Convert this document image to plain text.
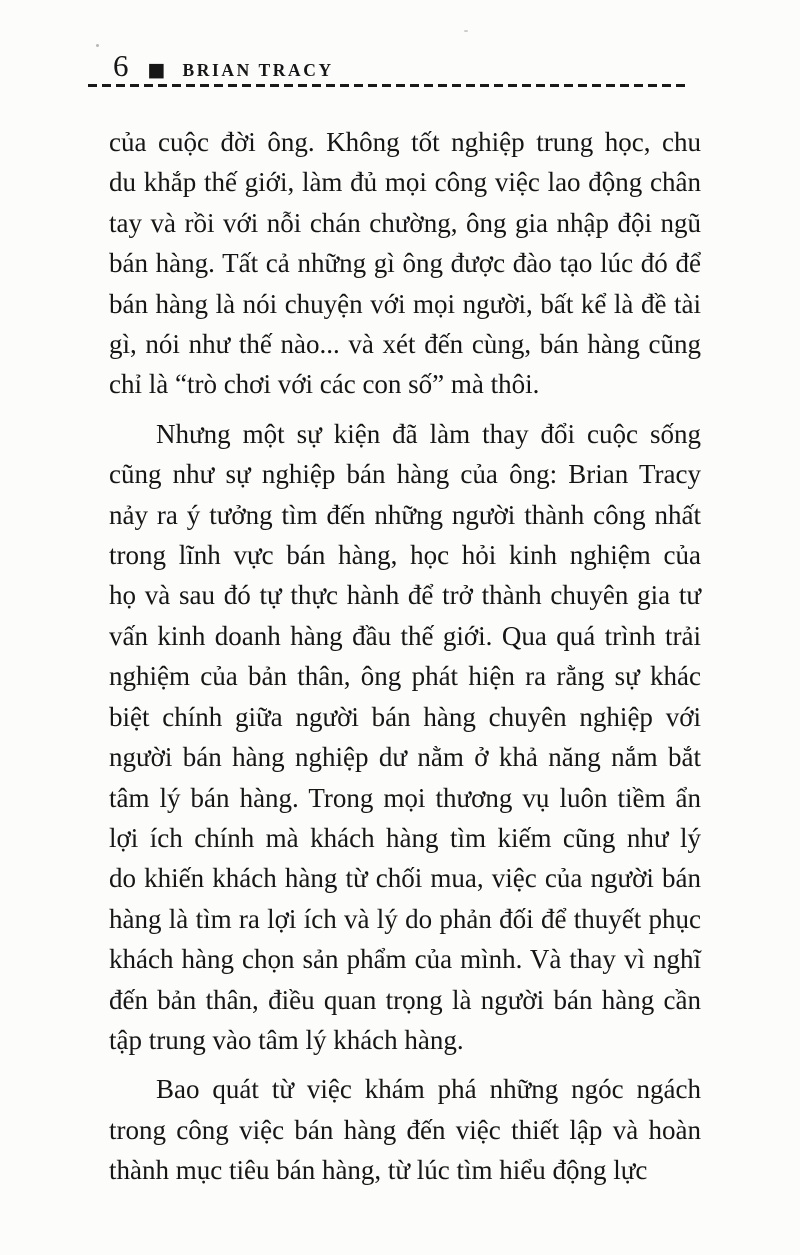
6 ■ BRIAN TRACY
của cuộc đời ông. Không tốt nghiệp trung học, chu
du khắp thế giới, làm đủ mọi công việc lao động chân
tay và rồi với nỗi chán chường, ông gia nhập đội ngũ
bán hàng. Tất cả những gì ông được đào tạo lúc đó để
bán hàng là nói chuyện với mọi người, bất kể là đề tài
gì, nói như thế nào... và xét đến cùng, bán hàng cũng
chỉ là “trò chơi với các con số” mà thôi.
Nhưng một sự kiện đã làm thay đổi cuộc sống
cũng như sự nghiệp bán hàng của ông: Brian Tracy
nảy ra ý tưởng tìm đến những người thành công nhất
trong lĩnh vực bán hàng, học hỏi kinh nghiệm của
họ và sau đó tự thực hành để trở thành chuyên gia tư
vấn kinh doanh hàng đầu thế giới. Qua quá trình trải
nghiệm của bản thân, ông phát hiện ra rằng sự khác
biệt chính giữa người bán hàng chuyên nghiệp với
người bán hàng nghiệp dư nằm ở khả năng nắm bắt
tâm lý bán hàng. Trong mọi thương vụ luôn tiềm ẩn
lợi ích chính mà khách hàng tìm kiếm cũng như lý
do khiến khách hàng từ chối mua, việc của người bán
hàng là tìm ra lợi ích và lý do phản đối để thuyết phục
khách hàng chọn sản phẩm của mình. Và thay vì nghĩ
đến bản thân, điều quan trọng là người bán hàng cần
tập trung vào tâm lý khách hàng.
Bao quát từ việc khám phá những ngóc ngách
trong công việc bán hàng đến việc thiết lập và hoàn
thành mục tiêu bán hàng, từ lúc tìm hiểu động lực
